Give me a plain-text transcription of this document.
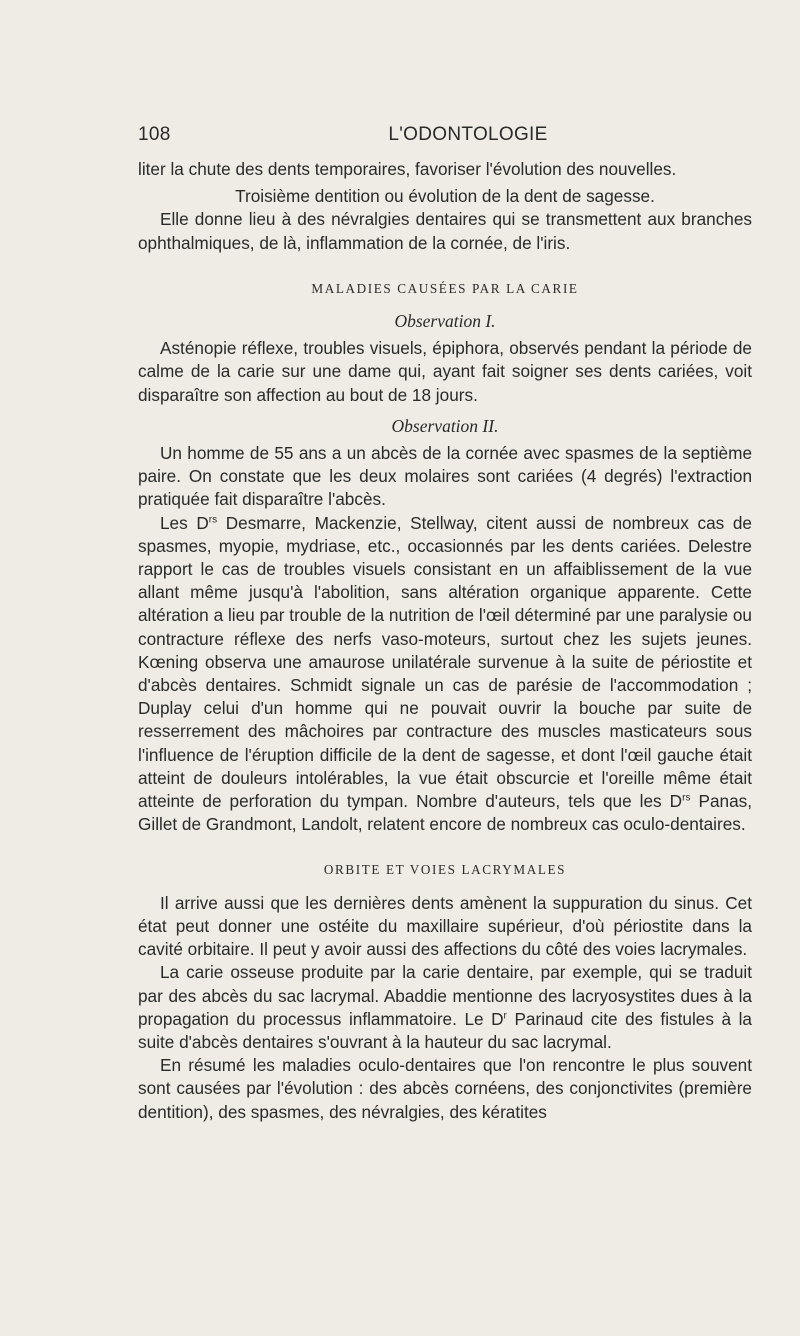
108	L'ODONTOLOGIE

liter la chute des dents temporaires, favoriser l'évolution des nouvelles.

Troisième dentition ou évolution de la dent de sagesse.

Elle donne lieu à des névralgies dentaires qui se transmettent aux branches ophthalmiques, de là, inflammation de la cornée, de l'iris.

MALADIES CAUSÉES PAR LA CARIE
Observation I.

Asténopie réflexe, troubles visuels, épiphora, observés pendant la période de calme de la carie sur une dame qui, ayant fait soigner ses dents cariées, voit disparaître son affection au bout de 18 jours.

Observation II.

Un homme de 55 ans a un abcès de la cornée avec spasmes de la septième paire. On constate que les deux molaires sont cariées (4 degrés) l'extraction pratiquée fait disparaître l'abcès.

Les $D^{rs}$ Desmarre, Mackenzie, Stellway, citent aussi de nombreux cas de spasmes, myopie, mydriase, etc., occasionnés par les dents cariées. Delestre rapport le cas de troubles visuels consistant en un affaiblissement de la vue allant même jusqu'à l'abolition, sans altération organique apparente. Cette altération a lieu par trouble de la nutrition de l'œil déterminé par une paralysie ou contracture réflexe des nerfs vaso-moteurs, surtout chez les sujets jeunes. Kœning observa une amaurose unilatérale survenue à la suite de périostite et d'abcès dentaires. Schmidt signale un cas de parésie de l'accommodation ; Duplay celui d'un homme qui ne pouvait ouvrir la bouche par suite de resserrement des mâchoires par contracture des muscles masticateurs sous l'influence de l'éruption difficile de la dent de sagesse, et dont l'œil gauche était atteint de douleurs intolérables, la vue était obscurcie et l'oreille même était atteinte de perforation du tympan. Nombre d'auteurs, tels que les $D^{rs}$ Panas, Gillet de Grandmont, Landolt, relatent encore de nombreux cas oculo-dentaires.

ORBITE ET VOIES LACRYMALES

Il arrive aussi que les dernières dents amènent la suppuration du sinus. Cet état peut donner une ostéite du maxillaire supérieur, d'où périostite dans la cavité orbitaire. Il peut y avoir aussi des affections du côté des voies lacrymales.

La carie osseuse produite par la carie dentaire, par exemple, qui se traduit par des abcès du sac lacrymal. Abaddie mentionne des lacryosystites dues à la propagation du processus inflammatoire. Le $D^r$ Parinaud cite des fistules à la suite d'abcès dentaires s'ouvrant à la hauteur du sac lacrymal.

En résumé les maladies oculo-dentaires que l'on rencontre le plus souvent sont causées par l'évolution : des abcès cornéens, des conjonctivites (première dentition), des spasmes, des névralgies, des kératites
